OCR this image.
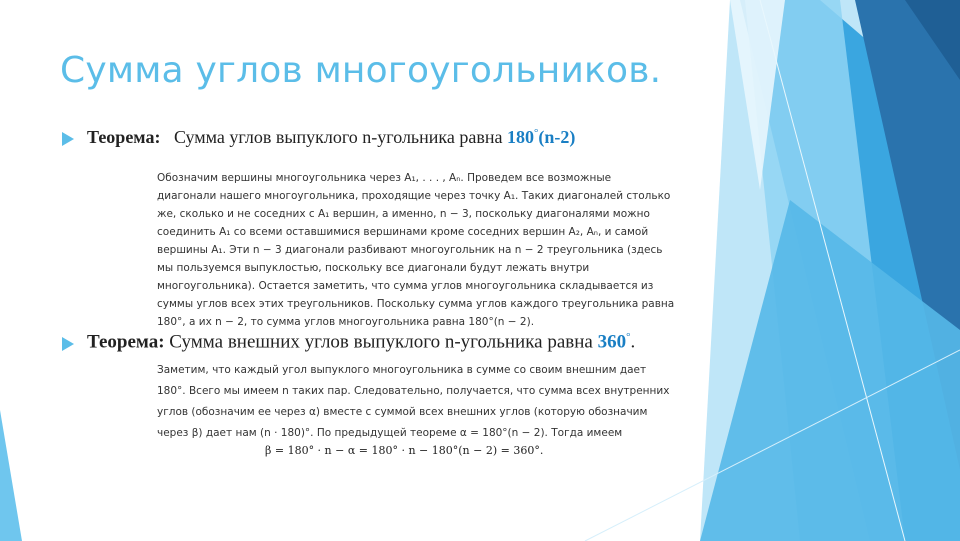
Сумма углов многоугольников.
Теорема: Сумма углов выпуклого n-угольника равна 180°(n-2)
Обозначим вершины многоугольника через A₁, . . . , Aₙ. Проведем все возможные
диагонали нашего многоугольника, проходящие через точку A₁. Таких диагоналей столько
же, сколько и не соседних с A₁ вершин, а именно, n − 3, поскольку диагоналями можно
соединить A₁ со всеми оставшимися вершинами кроме соседних вершин A₂, Aₙ, и самой
вершины A₁. Эти n − 3 диагонали разбивают многоугольник на n − 2 треугольника (здесь
мы пользуемся выпуклостью, поскольку все диагонали будут лежать внутри
многоугольника). Остается заметить, что сумма углов многоугольника складывается из
суммы углов всех этих треугольников. Поскольку сумма углов каждого треугольника равна
180°, а их n − 2, то сумма углов многоугольника равна 180°(n − 2).
Теорема: Сумма внешних углов выпуклого n-угольника равна 360°.
Заметим, что каждый угол выпуклого многоугольника в сумме со своим внешним дает
180°. Всего мы имеем n таких пар. Следовательно, получается, что сумма всех внутренних
углов (обозначим ее через α) вместе с суммой всех внешних углов (которую обозначим
через β) дает нам (n · 180)°. По предыдущей теореме α = 180°(n − 2). Тогда имеем
β = 180° · n − α = 180° · n − 180°(n − 2) = 360°.
